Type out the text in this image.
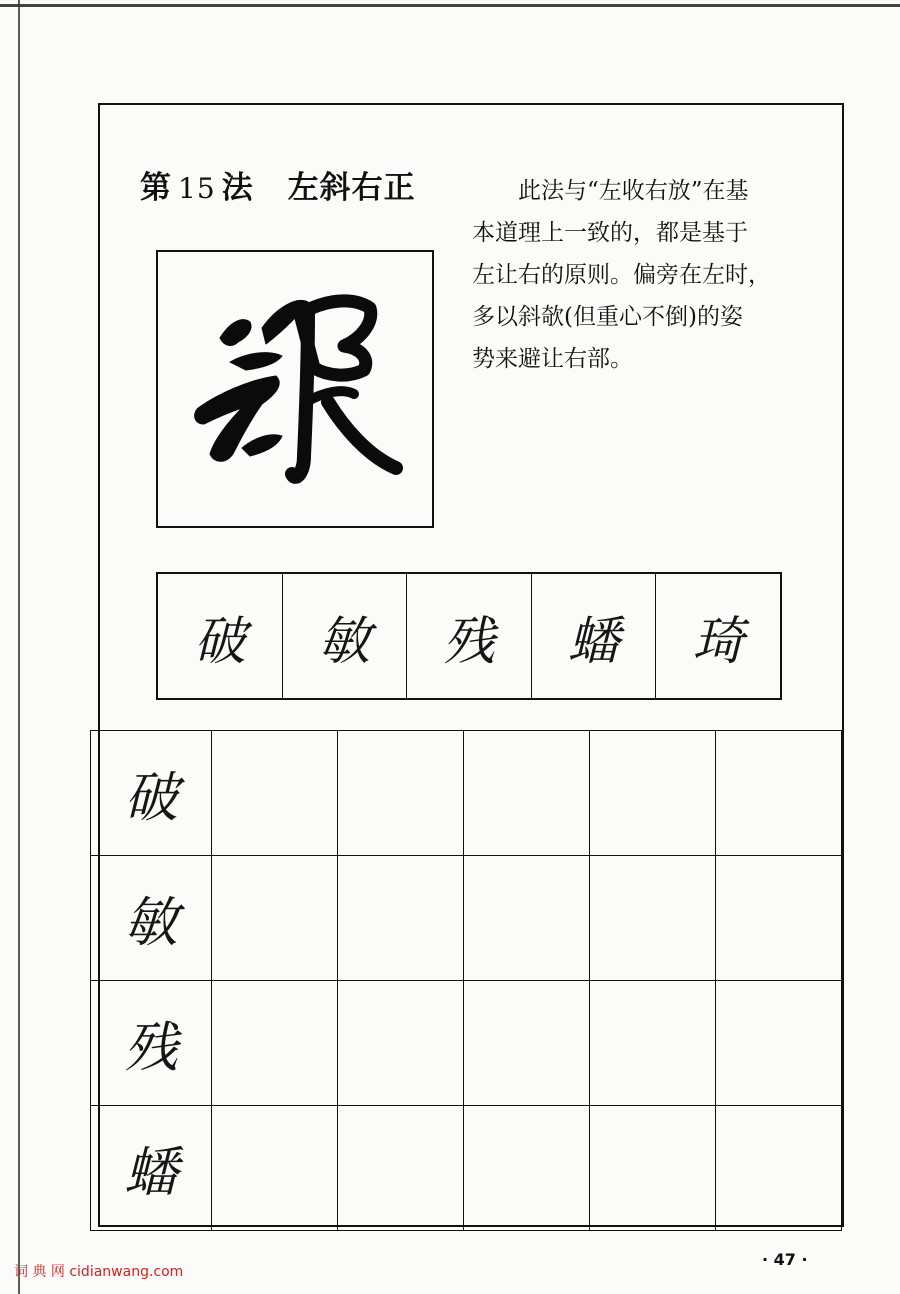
第 15 法 左斜右正	此法与“左收右放”在基

本道理上一致的，都是基于

左让右的原则。偏旁在左时，

多以斜欹(但重心不倒)的姿

势来避让右部。

破	敏	残	蟠	琦
破					
敏					
残					
蟠					
词 典 网 cidianwang.com
· 47 ·
